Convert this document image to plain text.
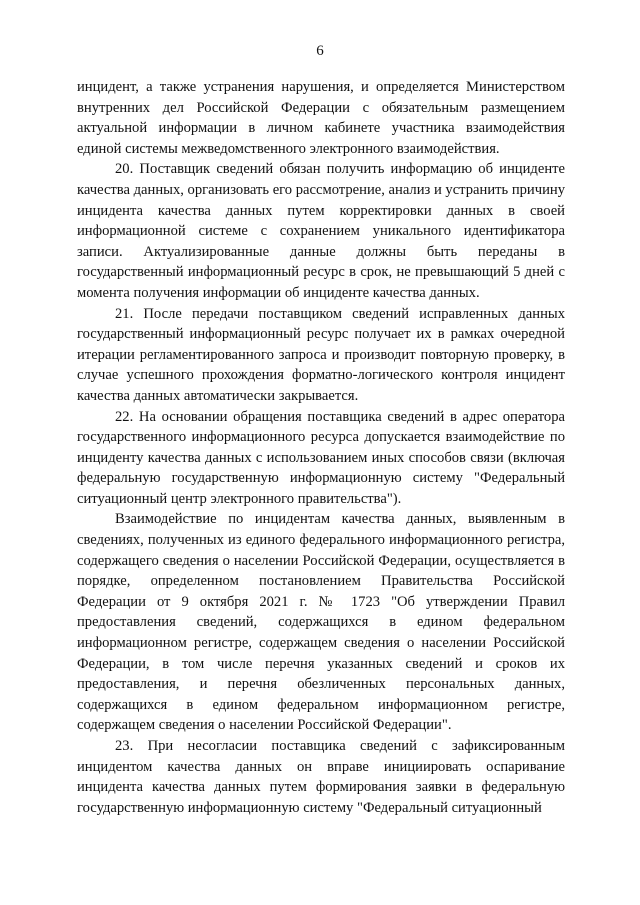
6

инцидент, а также устранения нарушения, и определяется Министерством внутренних дел Российской Федерации с обязательным размещением актуальной информации в личном кабинете участника взаимодействия единой системы межведомственного электронного взаимодействия.

20. Поставщик сведений обязан получить информацию об инциденте качества данных, организовать его рассмотрение, анализ и устранить причину инцидента качества данных путем корректировки данных в своей информационной системе с сохранением уникального идентификатора записи. Актуализированные данные должны быть переданы в государственный информационный ресурс в срок, не превышающий 5 дней с момента получения информации об инциденте качества данных.

21. После передачи поставщиком сведений исправленных данных государственный информационный ресурс получает их в рамках очередной итерации регламентированного запроса и производит повторную проверку, в случае успешного прохождения форматно-логического контроля инцидент качества данных автоматически закрывается.

22. На основании обращения поставщика сведений в адрес оператора государственного информационного ресурса допускается взаимодействие по инциденту качества данных с использованием иных способов связи (включая федеральную государственную информационную систему "Федеральный ситуационный центр электронного правительства").

Взаимодействие по инцидентам качества данных, выявленным в сведениях, полученных из единого федерального информационного регистра, содержащего сведения о населении Российской Федерации, осуществляется в порядке, определенном постановлением Правительства Российской Федерации от 9 октября 2021 г. № 1723 "Об утверждении Правил предоставления сведений, содержащихся в едином федеральном информационном регистре, содержащем сведения о населении Российской Федерации, в том числе перечня указанных сведений и сроков их предоставления, и перечня обезличенных персональных данных, содержащихся в едином федеральном информационном регистре, содержащем сведения о населении Российской Федерации".

23. При несогласии поставщика сведений с зафиксированным инцидентом качества данных он вправе инициировать оспаривание инцидента качества данных путем формирования заявки в федеральную государственную информационную систему "Федеральный ситуационный
